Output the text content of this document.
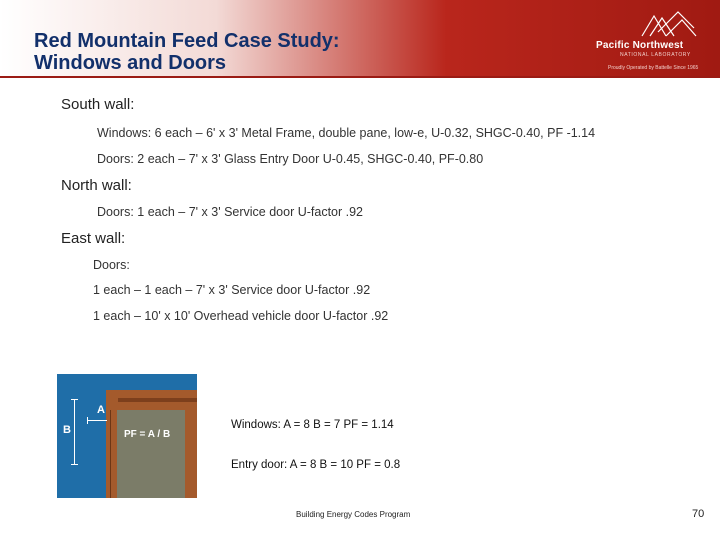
Red Mountain Feed Case Study:
Windows and Doors
Pacific Northwest
NATIONAL LABORATORY
Proudly Operated by Battelle Since 1965
South wall:
Windows: 6 each – 6' x 3' Metal Frame, double pane, low-e, U-0.32, SHGC-0.40, PF -1.14
Doors: 2 each – 7' x 3' Glass Entry Door U-0.45, SHGC-0.40, PF-0.80
North wall:
Doors: 1 each – 7' x 3' Service door U-factor .92
East wall:
Doors:
1 each – 1 each – 7' x 3' Service door U-factor .92
1 each – 10' x 10' Overhead vehicle door U-factor .92
A
B	PF = A / B
Windows: A = 8 B = 7 PF = 1.14
Entry door: A = 8 B = 10 PF = 0.8
Building Energy Codes Program	70
